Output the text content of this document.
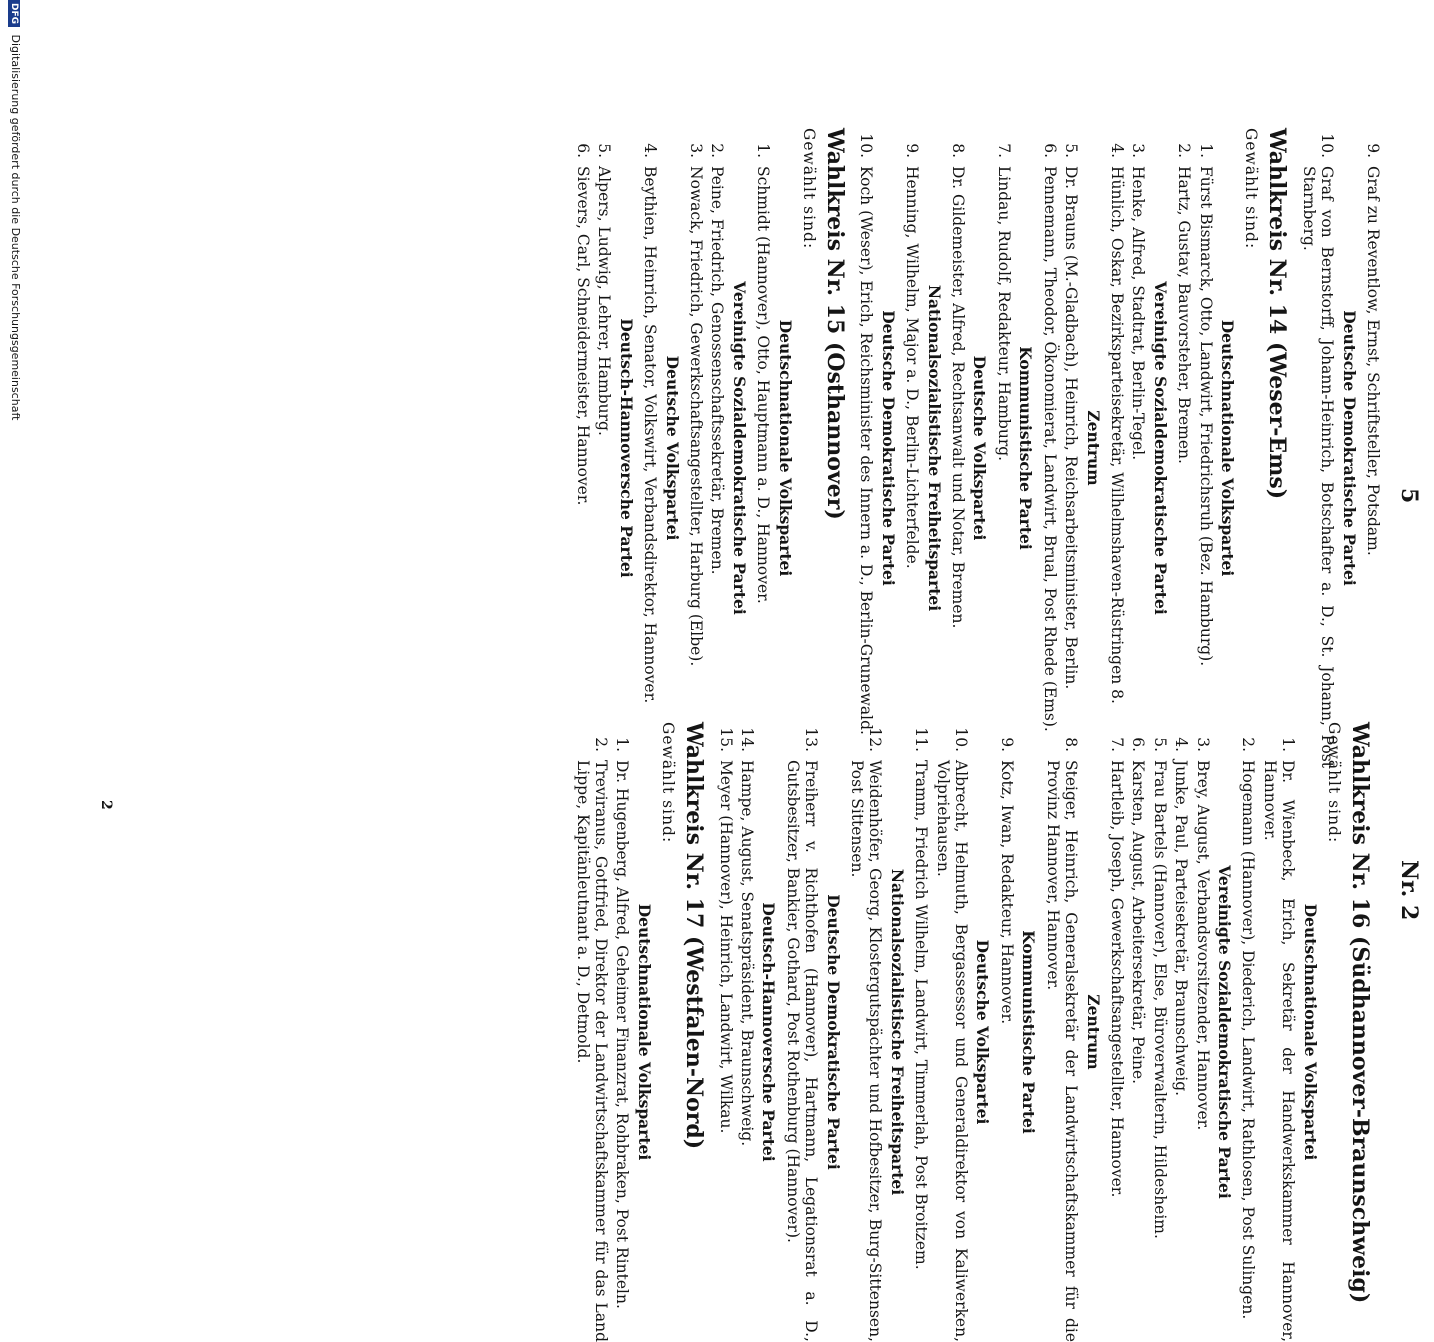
5
Nr. 2
9.
Graf zu Reventlow, Ernst, Schriftsteller, Potsdam.
Deutsche Demokratische Partei
10.
Graf von Bernstorff, Johann-Heinrich, Botschafter a. D., St. Johann, Post Starnberg.
Wahlkreis Nr. 14 (Weser-Ems)
Gewählt sind:
Deutschnationale Volkspartei
1.
Fürst Bismarck, Otto, Landwirt, Friedrichsruh (Bez. Hamburg).
2.
Hartz, Gustav, Bauvorsteher, Bremen.
Vereinigte Sozialdemokratische Partei
3.
Henke, Alfred, Stadtrat, Berlin-Tegel.
4.
Hünlich, Oskar, Bezirksparteisekretär, Wilhelmshaven-Rüstringen 8.
Zentrum
5.
Dr. Brauns (M.-Gladbach), Heinrich, Reichsarbeitsminister, Berlin.
6.
Pennemann, Theodor, Ökonomierat, Landwirt, Brual, Post Rhede (Ems).
Kommunistische Partei
7.
Lindau, Rudolf, Redakteur, Hamburg.
Deutsche Volkspartei
8.
Dr. Gildemeister, Alfred, Rechtsanwalt und Notar, Bremen.
Nationalsozialistische Freiheitspartei
9.
Henning, Wilhelm, Major a. D., Berlin-Lichterfelde.
Deutsche Demokratische Partei
10.
Koch (Weser), Erich, Reichsminister des Innern a. D., Berlin-Grunewald.
Wahlkreis Nr. 15 (Osthannover)
Gewählt sind:
Deutschnationale Volkspartei
1.
Schmidt (Hannover), Otto, Hauptmann a. D., Hannover.
Vereinigte Sozialdemokratische Partei
2.
Peine, Friedrich, Genossenschaftssekretär, Bremen.
3.
Nowack, Friedrich, Gewerkschaftsangestellter, Harburg (Elbe).
Deutsche Volkspartei
4.
Beythien, Heinrich, Senator, Volkswirt, Verbandsdirektor, Hannover.
Deutsch-Hannoversche Partei
5.
Alpers, Ludwig, Lehrer, Hamburg.
6.
Sievers, Carl, Schneidermeister, Hannover.
Wahlkreis Nr. 16 (Südhannover-Braunschweig)
Gewählt sind:
Deutschnationale Volkspartei
1.
Dr. Wienbeck, Erich, Sekretär der Handwerkskammer Hannover, Hannover.
2.
Hogemann (Hannover), Diederich, Landwirt, Rathlosen, Post Sulingen.
Vereinigte Sozialdemokratische Partei
3.
Brey, August, Verbandsvorsitzender, Hannover.
4.
Junke, Paul, Parteisekretär, Braunschweig.
5.
Frau Bartels (Hannover), Else, Büroverwalterin, Hildesheim.
6.
Karsten, August, Arbeitersekretär, Peine.
7.
Hartleib, Joseph, Gewerkschaftsangestellter, Hannover.
Zentrum
8.
Steiger, Heinrich, Generalsekretär der Landwirtschaftskammer für die Provinz Hannover, Hannover.
Kommunistische Partei
9.
Kotz, Iwan, Redakteur, Hannover.
Deutsche Volkspartei
10.
Albrecht, Helmuth, Bergassessor und Generaldirektor von Kaliwerken, Volpriehausen.
11.
Tramm, Friedrich Wilhelm, Landwirt, Timmerlah, Post Broitzem.
Nationalsozialistische Freiheitspartei
12.
Weidenhöfer, Georg, Klostergutspächter und Hofbesitzer, Burg-Sittensen, Post Sittensen.
Deutsche Demokratische Partei
13.
Freiherr v. Richthofen (Hannover), Hartmann, Legationsrat a. D., Gutsbesitzer, Bankier, Gothard, Post Rothenburg (Hannover).
Deutsch-Hannoversche Partei
14.
Hampe, August, Senatspräsident, Braunschweig.
15.
Meyer (Hannover), Heinrich, Landwirt, Wilkau.
Wahlkreis Nr. 17 (Westfalen-Nord)
Gewählt sind:
Deutschnationale Volkspartei
1.
Dr. Hugenberg, Alfred, Geheimer Finanzrat, Rohbraken, Post Rinteln.
2.
Treviranus, Gottfried, Direktor der Landwirtschaftskammer für das Land Lippe, Kapitänleutnant a. D., Detmold.
2
DFG Digitalisierung gefördert durch die Deutsche Forschungsgemeinschaft
